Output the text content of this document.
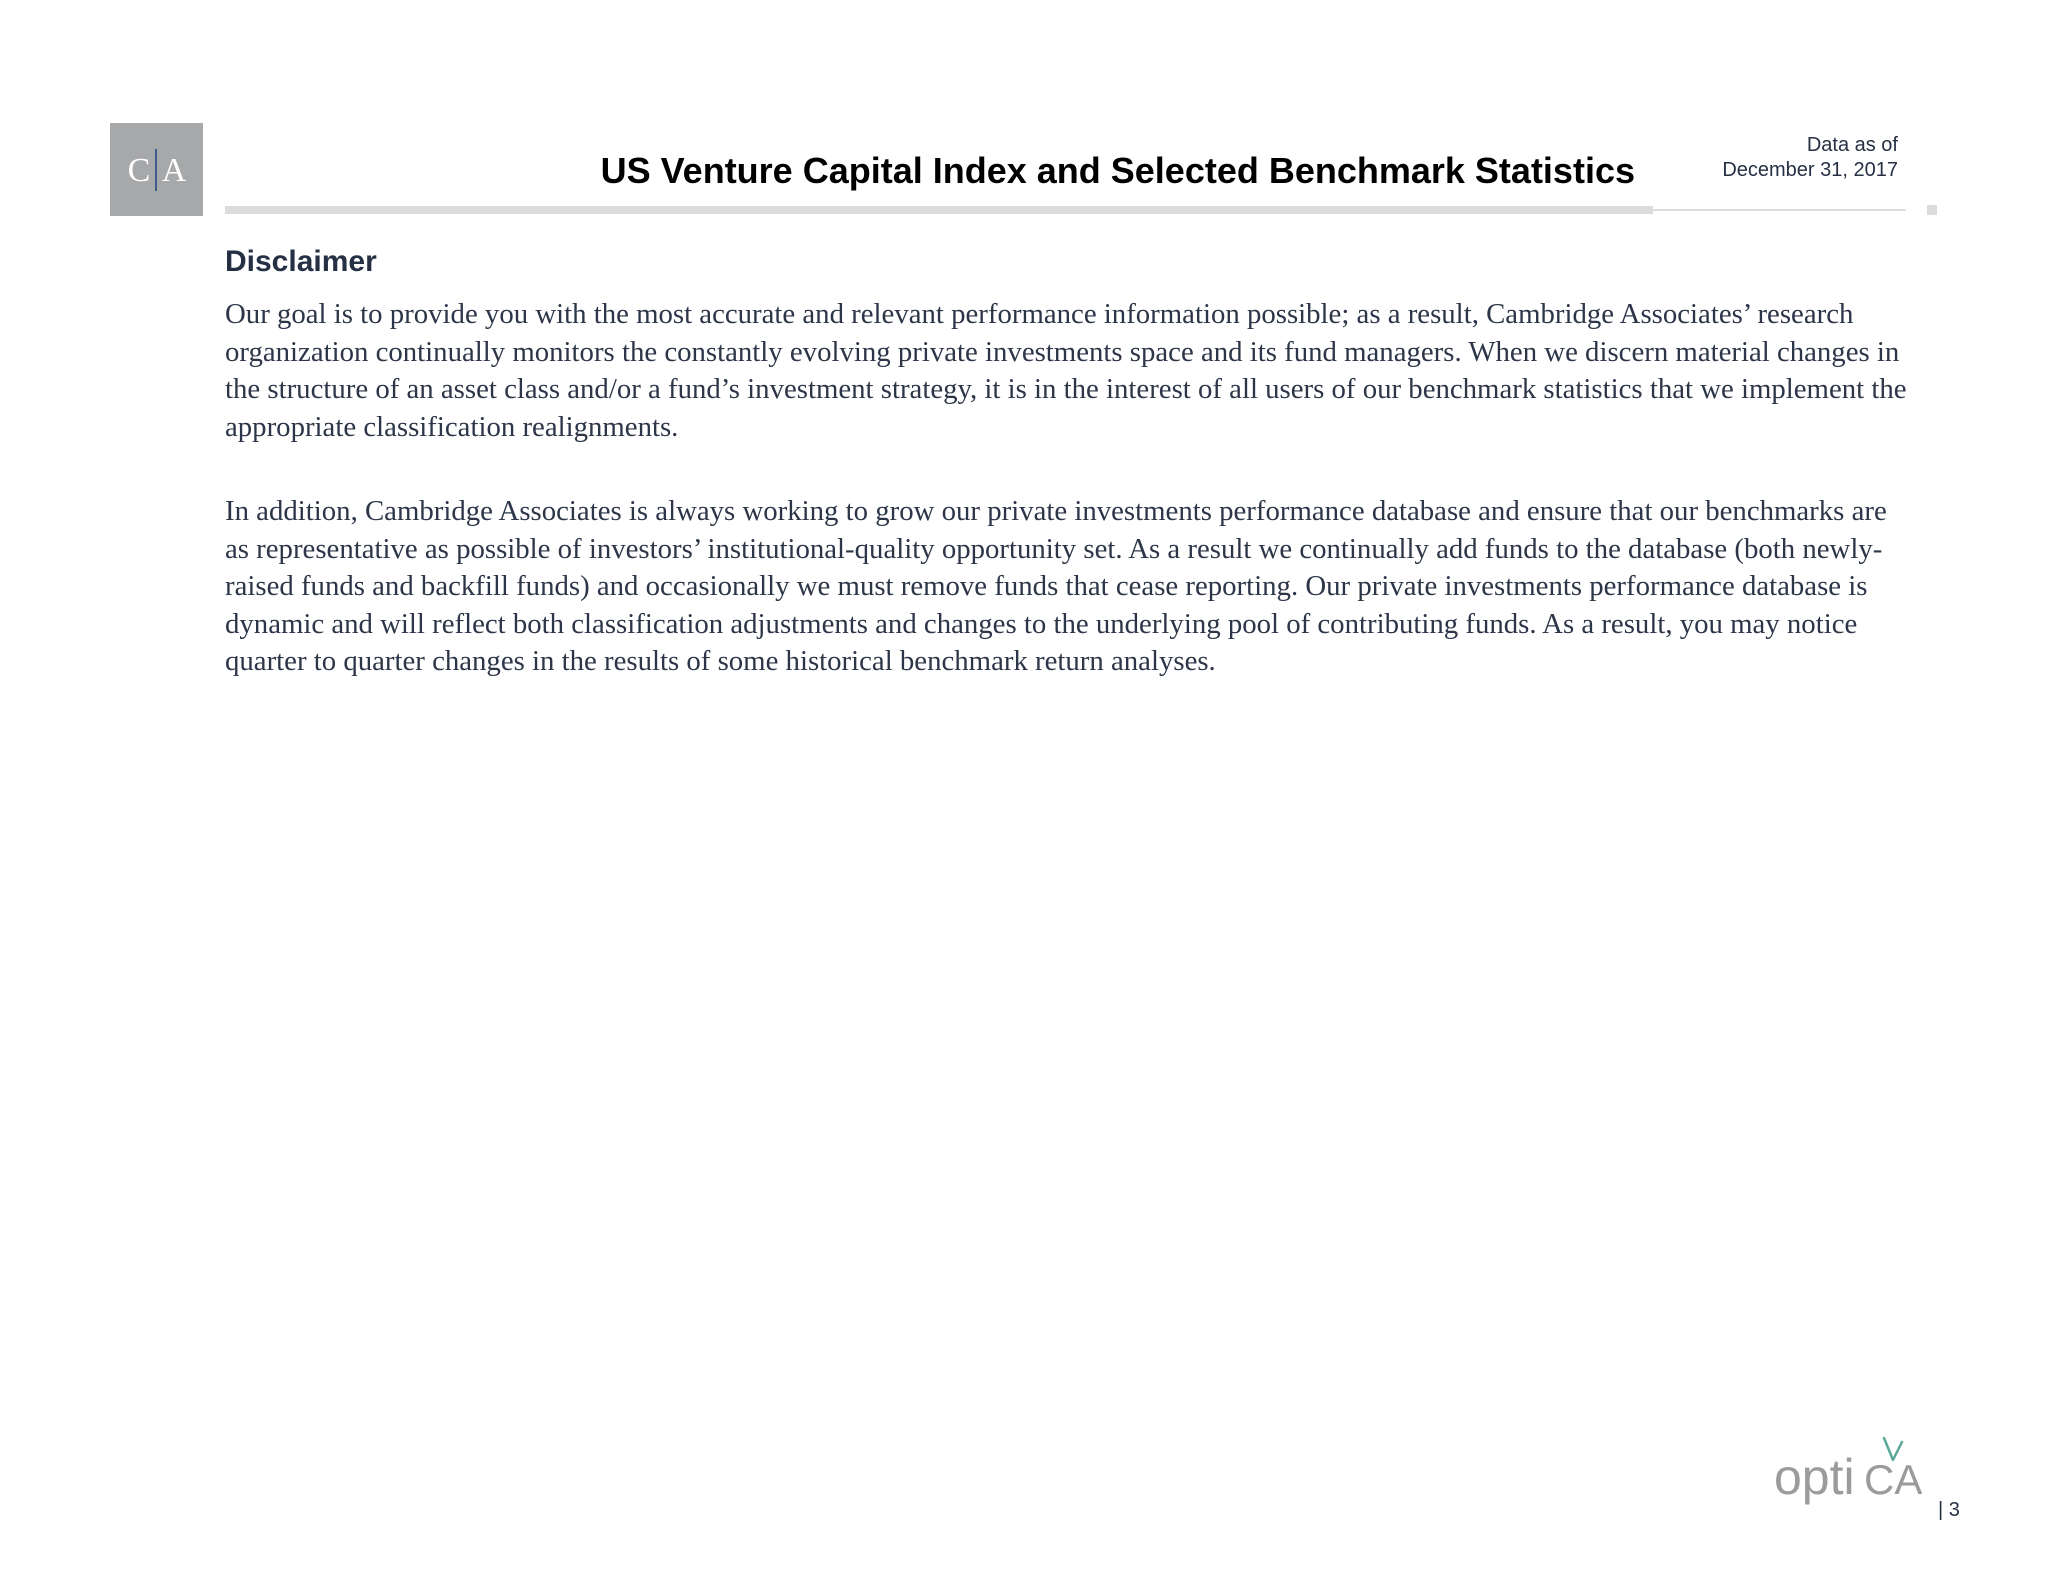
C A	US Venture Capital Index and Selected Benchmark Statistics
Data as of
December 31, 2017
Disclaimer

Our goal is to provide you with the most accurate and relevant performance information possible; as a result, Cambridge Associates’ research organization continually monitors the constantly evolving private investments space and its fund managers. When we discern material changes in the structure of an asset class and/or a fund’s investment strategy, it is in the interest of all users of our benchmark statistics that we implement the appropriate classification realignments.

In addition, Cambridge Associates is always working to grow our private investments performance database and ensure that our benchmarks are as representative as possible of investors’ institutional-quality opportunity set. As a result we continually add funds to the database (both newly-raised funds and backfill funds) and occasionally we must remove funds that cease reporting. Our private investments performance database is dynamic and will reflect both classification adjustments and changes to the underlying pool of contributing funds. As a result, you may notice quarter to quarter changes in the results of some historical benchmark return analyses.

opti CA
| 3
